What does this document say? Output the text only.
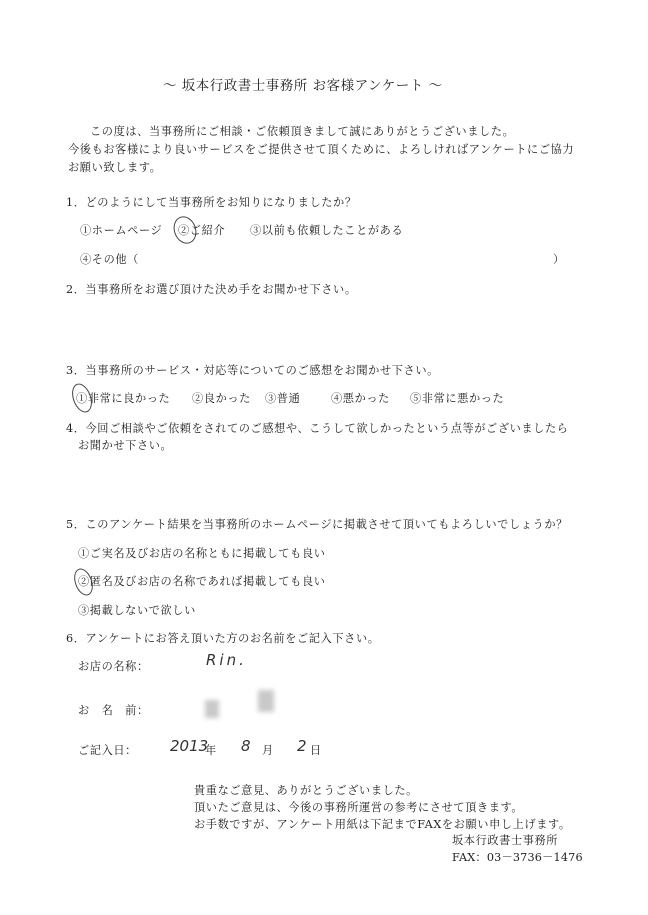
～ 坂本行政書士事務所 お客様アンケート ～
この度は、当事務所にご相談・ご依頼頂きまして誠にありがとうございました。
今後もお客様により良いサービスをご提供させて頂くために、よろしければアンケートにご協力
お願い致します。
1．どのようにして当事務所をお知りになりましたか？
①ホームページ ②ご紹介 ③以前も依頼したことがある
④その他（	）
2．当事務所をお選び頂けた決め手をお聞かせ下さい。
3．当事務所のサービス・対応等についてのご感想をお聞かせ下さい。
①非常に良かった ②良かった ③普通	④悪かった ⑤非常に悪かった
4．今回ご相談やご依頼をされてのご感想や、こうして欲しかったという点等がございましたら
お聞かせ下さい。
5．このアンケート結果を当事務所のホームページに掲載させて頂いてもよろしいでしょうか？
①ご実名及びお店の名称ともに掲載しても良い
②匿名及びお店の名称であれば掲載しても良い
③掲載しないで欲しい
6．アンケートにお答え頂いた方のお名前をご記入下さい。
お店の名称：	Rin.
お　名　前：
ご記入日： 2013
年 8 月 2 日
貴重なご意見、ありがとうございました。
頂いたご意見は、今後の事務所運営の参考にさせて頂きます。
お手数ですが、アンケート用紙は下記までFAXをお願い申し上げます。
坂本行政書士事務所
FAX：03－3736－1476
